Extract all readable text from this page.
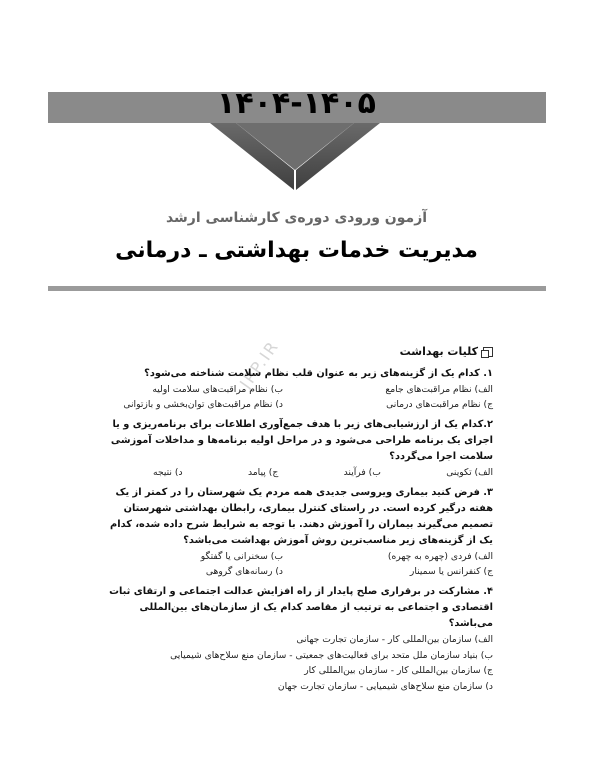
۱۴۰۴-۱۴۰۵
آزمون ورودی دوره‌ی کارشناسی ارشد
مدیریت خدمات بهداشتی ـ درمانی
JPP.IR	کلیات بهداشت
۱. کدام یک از گزینه‌های زیر به عنوان قلب نظام سلامت شناخته می‌شود؟
الف) نظام مراقبت‌های جامع
ب) نظام مراقبت‌های سلامت اولیه
ج) نظام مراقبت‌های درمانی
د) نظام مراقبت‌های توان‌بخشی و بازتوانی
۲.کدام یک از ارزشیابی‌های زیر با هدف جمع‌آوری اطلاعات برای برنامه‌ریزی و یا اجرای یک برنامه طراحی می‌شود و در مراحل اولیه برنامه‌ها و مداخلات آموزشی سلامت اجرا می‌گردد؟
الف) تکوینی
ب) فرآیند
ج) پیامد
د) نتیجه
۳. فرض کنید بیماری ویروسی جدیدی همه مردم یک شهرستان را در کمتر از یک هفته درگیر کرده است. در راستای کنترل بیماری، رابطان بهداشتی شهرستان تصمیم می‌گیرند بیماران را آموزش دهند. با توجه به شرایط شرح داده شده، کدام یک از گزینه‌های زیر مناسب‌ترین روش آموزش بهداشت می‌باشد؟
الف) فردی (چهره به چهره)
ب) سخنرانی یا گفتگو
ج) کنفرانس یا سمینار
د) رسانه‌های گروهی
۴. مشارکت در برقراری صلح پایدار از راه افزایش عدالت اجتماعی و ارتقای ثبات اقتصادی و اجتماعی به ترتیب از مقاصد کدام یک از سازمان‌های بین‌المللی می‌باشد؟
الف) سازمان بین‌المللی کار - سازمان تجارت جهانی
ب) بنیاد سازمان ملل متحد برای فعالیت‌های جمعیتی - سازمان منع سلاح‌های شیمیایی
ج) سازمان بین‌المللی کار - سازمان بین‌المللی کار
د) سازمان منع سلاح‌های شیمیایی - سازمان تجارت جهان
